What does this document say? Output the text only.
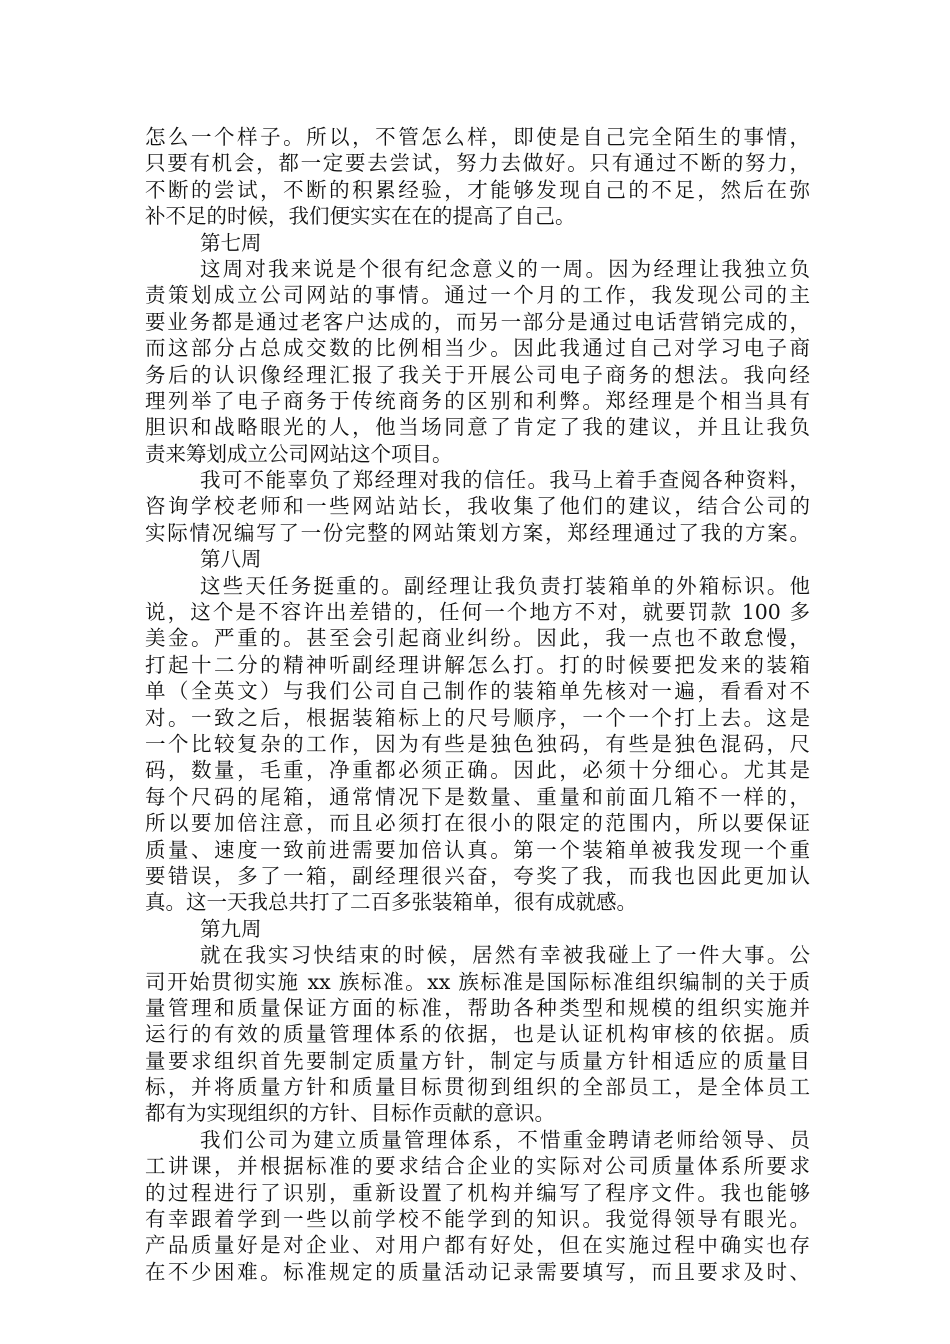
怎么一个样子。所以，不管怎么样，即使是自己完全陌生的事情，
只要有机会，都一定要去尝试，努力去做好。只有通过不断的努力，
不断的尝试，不断的积累经验，才能够发现自己的不足，然后在弥
补不足的时候，我们便实实在在的提高了自己。
第七周
这周对我来说是个很有纪念意义的一周。因为经理让我独立负
责策划成立公司网站的事情。通过一个月的工作，我发现公司的主
要业务都是通过老客户达成的，而另一部分是通过电话营销完成的，
而这部分占总成交数的比例相当少。因此我通过自己对学习电子商
务后的认识像经理汇报了我关于开展公司电子商务的想法。我向经
理列举了电子商务于传统商务的区别和利弊。郑经理是个相当具有
胆识和战略眼光的人，他当场同意了肯定了我的建议，并且让我负
责来筹划成立公司网站这个项目。
我可不能辜负了郑经理对我的信任。我马上着手查阅各种资料，
咨询学校老师和一些网站站长，我收集了他们的建议，结合公司的
实际情况编写了一份完整的网站策划方案，郑经理通过了我的方案。
第八周
这些天任务挺重的。副经理让我负责打装箱单的外箱标识。他
说，这个是不容许出差错的，任何一个地方不对，就要罚款 100 多
美金。严重的。甚至会引起商业纠纷。因此，我一点也不敢怠慢，
打起十二分的精神听副经理讲解怎么打。打的时候要把发来的装箱
单（全英文）与我们公司自己制作的装箱单先核对一遍，看看对不
对。一致之后，根据装箱标上的尺号顺序，一个一个打上去。这是
一个比较复杂的工作，因为有些是独色独码，有些是独色混码，尺
码，数量，毛重，净重都必须正确。因此，必须十分细心。尤其是
每个尺码的尾箱，通常情况下是数量、重量和前面几箱不一样的，
所以要加倍注意，而且必须打在很小的限定的范围内，所以要保证
质量、速度一致前进需要加倍认真。第一个装箱单被我发现一个重
要错误，多了一箱，副经理很兴奋，夸奖了我，而我也因此更加认
真。这一天我总共打了二百多张装箱单，很有成就感。
第九周
就在我实习快结束的时候，居然有幸被我碰上了一件大事。公
司开始贯彻实施 xx 族标准。xx 族标准是国际标准组织编制的关于质
量管理和质量保证方面的标准，帮助各种类型和规模的组织实施并
运行的有效的质量管理体系的依据，也是认证机构审核的依据。质
量要求组织首先要制定质量方针，制定与质量方针相适应的质量目
标，并将质量方针和质量目标贯彻到组织的全部员工，是全体员工
都有为实现组织的方针、目标作贡献的意识。
我们公司为建立质量管理体系，不惜重金聘请老师给领导、员
工讲课，并根据标准的要求结合企业的实际对公司质量体系所要求
的过程进行了识别，重新设置了机构并编写了程序文件。我也能够
有幸跟着学到一些以前学校不能学到的知识。我觉得领导有眼光。
产品质量好是对企业、对用户都有好处，但在实施过程中确实也存
在不少困难。标准规定的质量活动记录需要填写，而且要求及时、
